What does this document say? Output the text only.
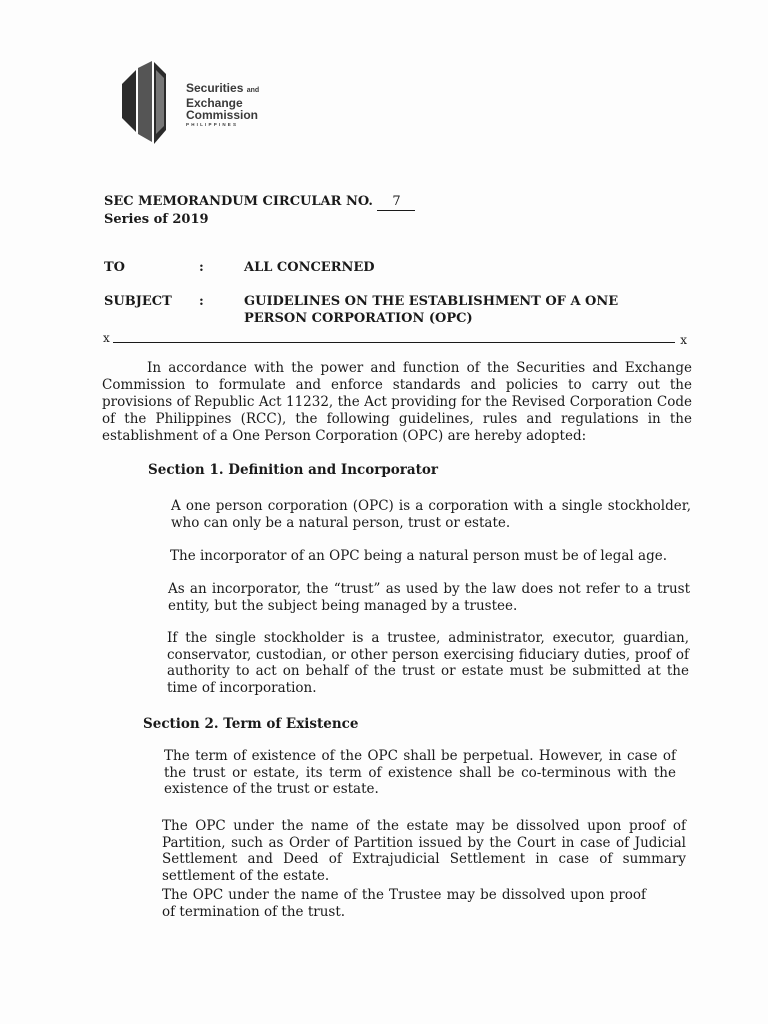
Securities and
Exchange
Commission
PHILIPPINES
SEC MEMORANDUM CIRCULAR NO. 7
Series of 2019
TO	:	ALL CONCERNED
SUBJECT :	GUIDELINES ON THE ESTABLISHMENT OF A ONE PERSON CORPORATION (OPC)
x	x
In accordance with the power and function of the Securities and Exchange Commission to formulate and enforce standards and policies to carry out the provisions of Republic Act 11232, the Act providing for the Revised Corporation Code of the Philippines (RCC), the following guidelines, rules and regulations in the establishment of a One Person Corporation (OPC) are hereby adopted:
Section 1. Definition and Incorporator
A one person corporation (OPC) is a corporation with a single stockholder, who can only be a natural person, trust or estate.
The incorporator of an OPC being a natural person must be of legal age.
As an incorporator, the “trust” as used by the law does not refer to a trust entity, but the subject being managed by a trustee.
If the single stockholder is a trustee, administrator, executor, guardian, conservator, custodian, or other person exercising fiduciary duties, proof of authority to act on behalf of the trust or estate must be submitted at the time of incorporation.
Section 2. Term of Existence
The term of existence of the OPC shall be perpetual. However, in case of the trust or estate, its term of existence shall be co-terminous with the existence of the trust or estate.
The OPC under the name of the estate may be dissolved upon proof of Partition, such as Order of Partition issued by the Court in case of Judicial Settlement and Deed of Extrajudicial Settlement in case of summary settlement of the estate.
The OPC under the name of the Trustee may be dissolved upon proof of termination of the trust.
